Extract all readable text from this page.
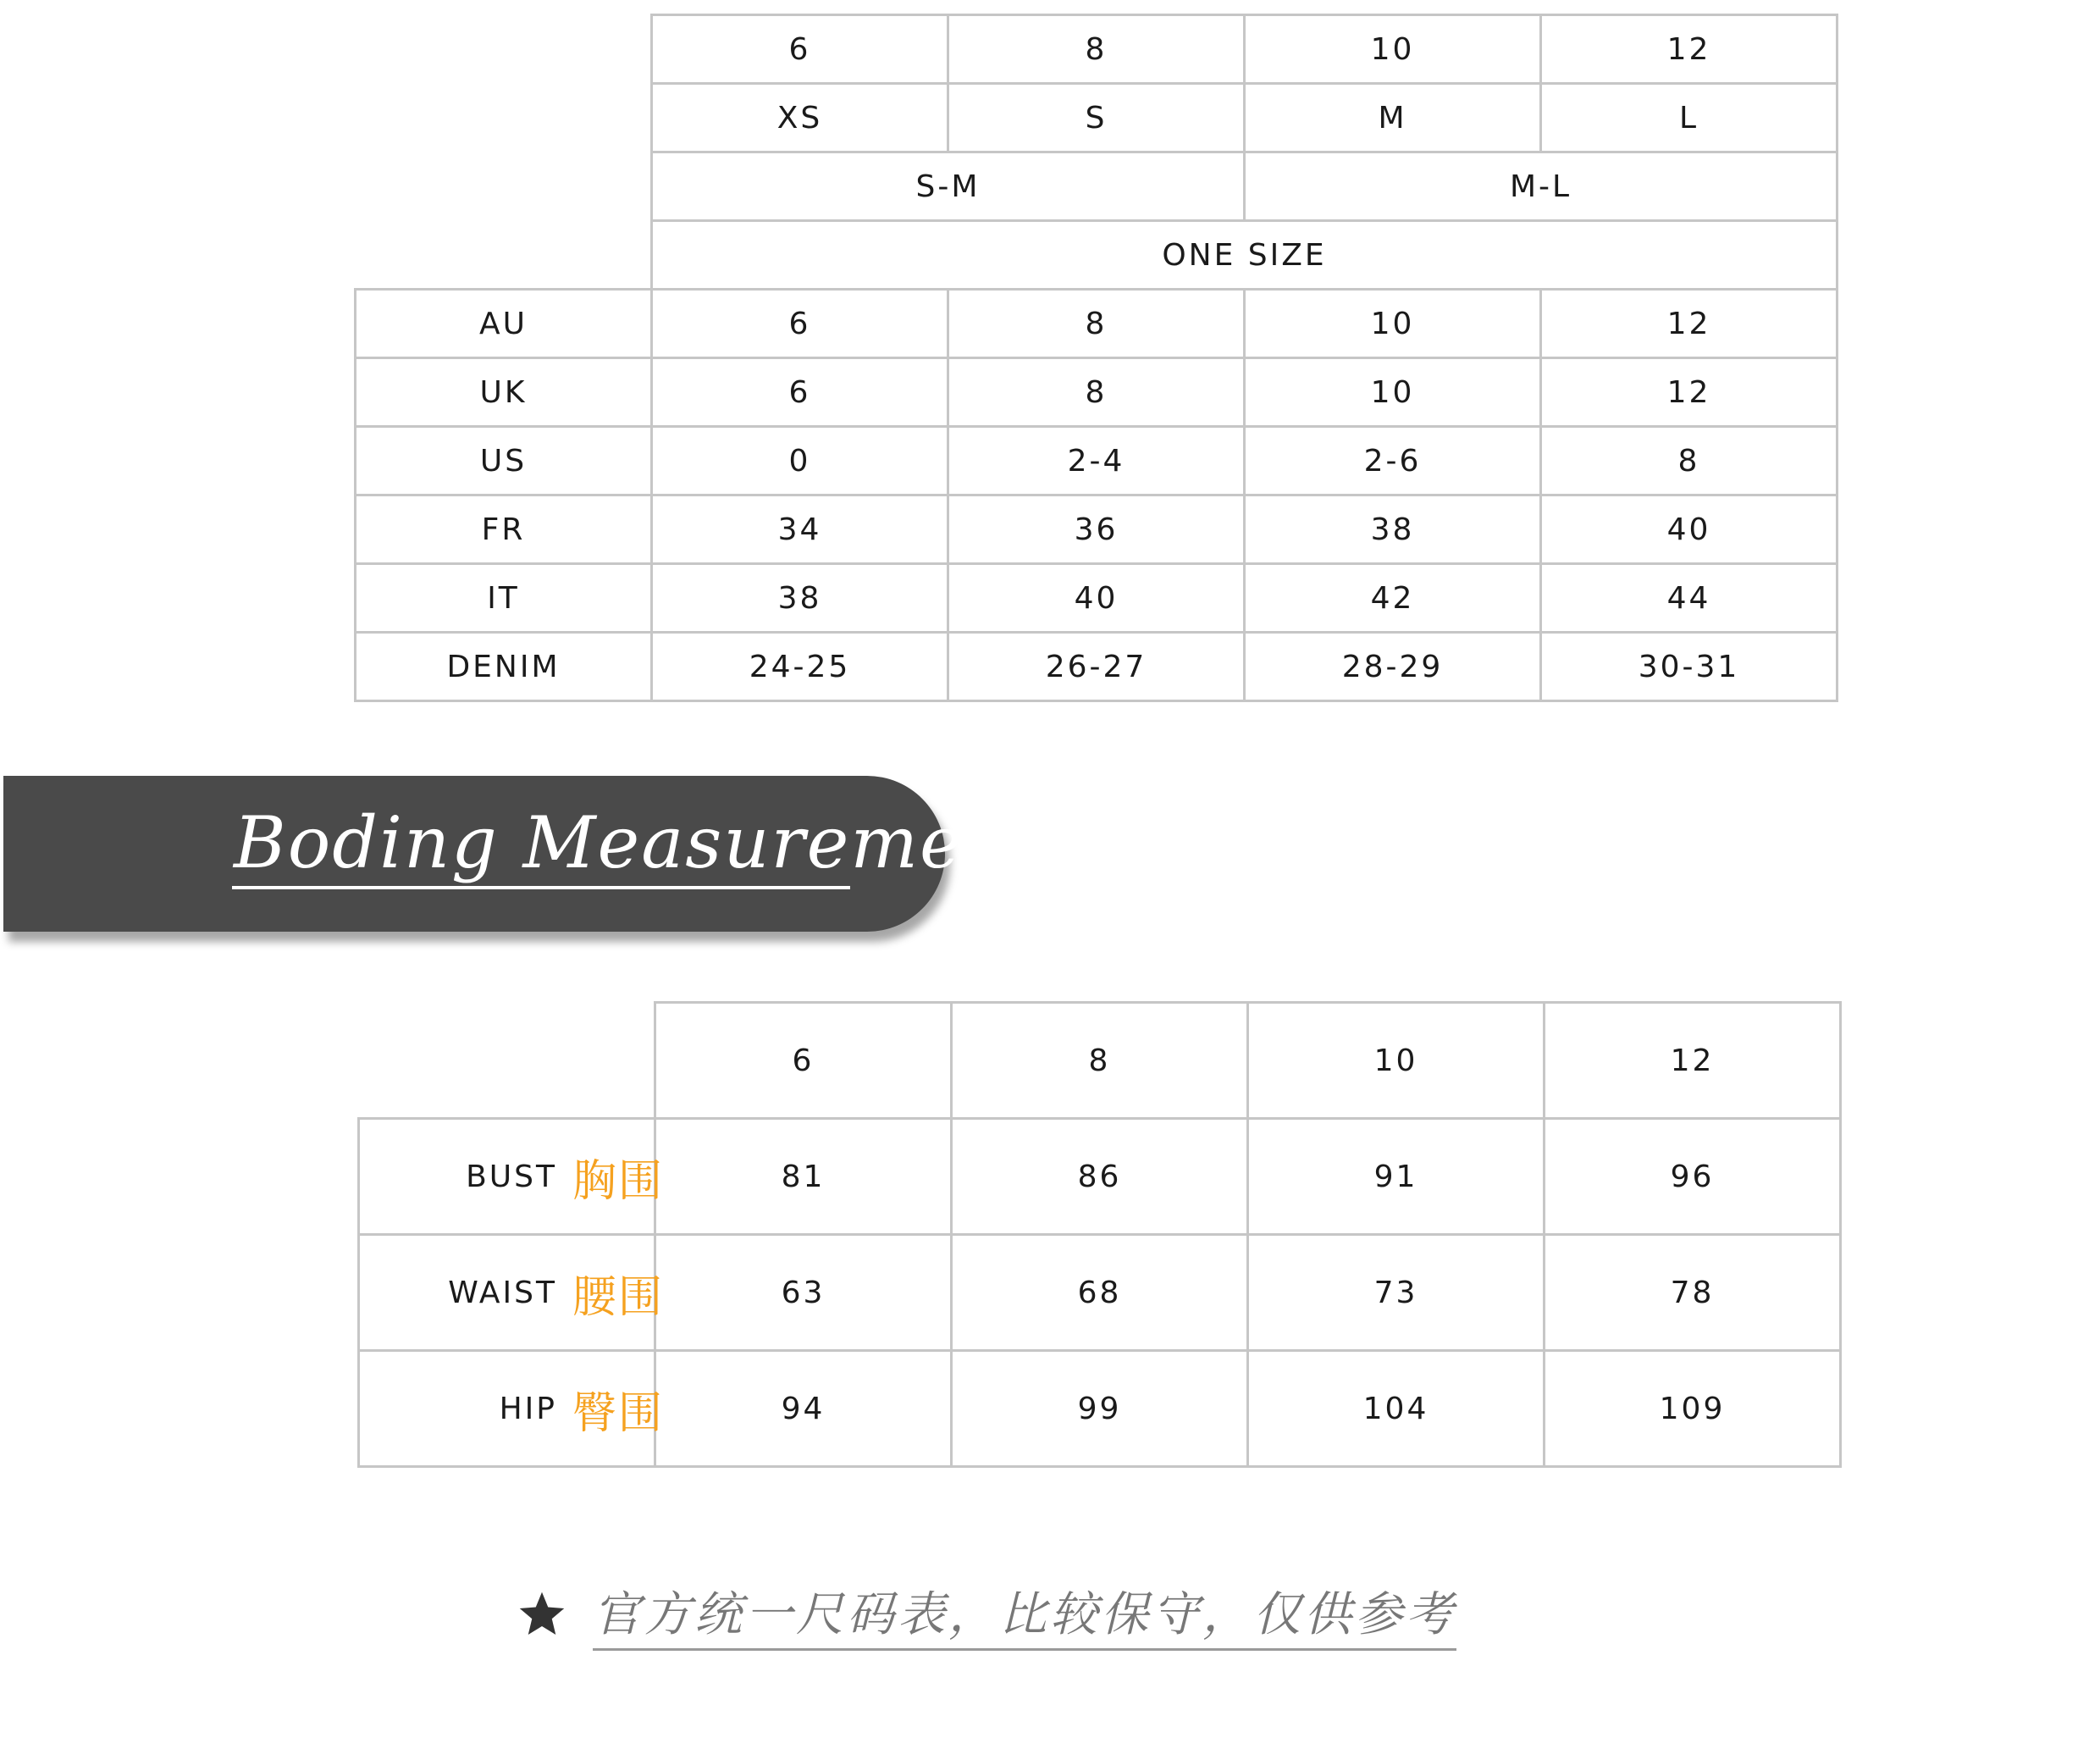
	6	8	10	12
	XS	S	M	L
	S-M		M-L	
	ONE SIZE			
AU	6	8	10	12
UK	6	8	10	12
US	0	2-4	2-6	8
FR	34	36	38	40
IT	38	40	42	44
DENIM	24-25	26-27	28-29	30-31
Boding Measurement
	6	8	10	12
BUST 胸围	81	86	91	96
WAIST 腰围	63	68	73	78
HIP 臀围	94	99	104	109
官方统一尺码表，比较保守，仅供参考
